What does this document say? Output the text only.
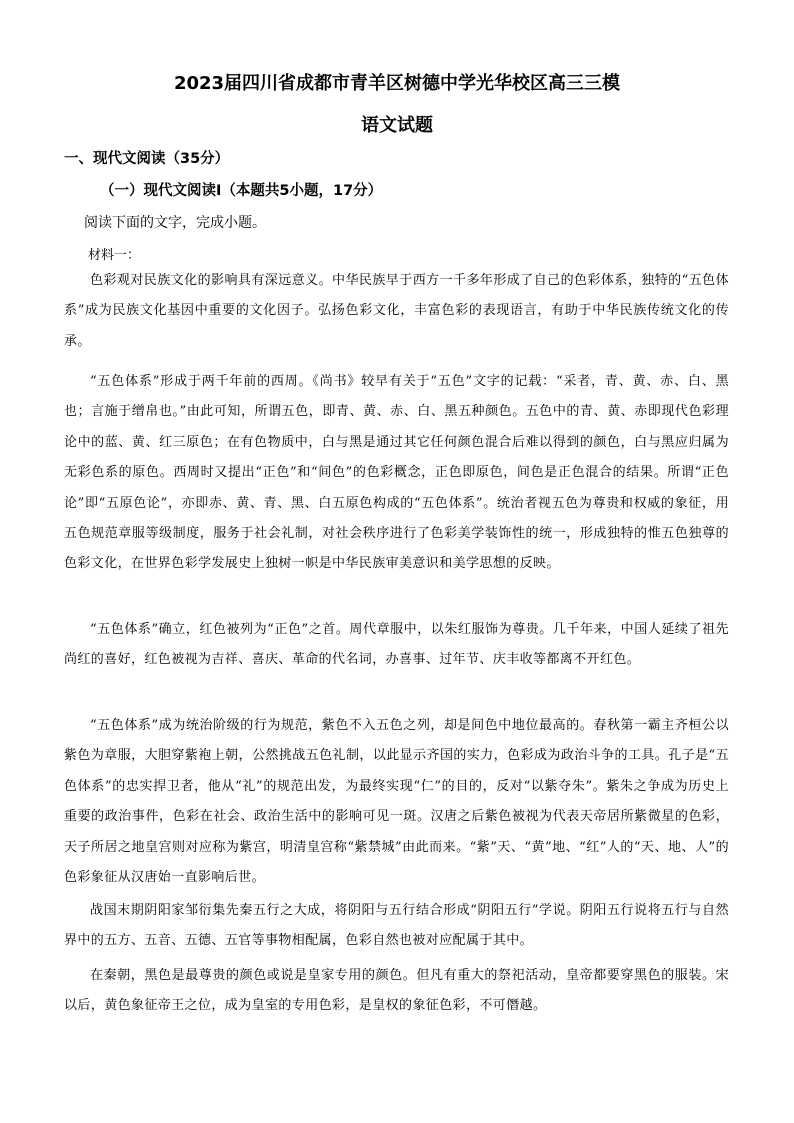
2023届四川省成都市青羊区树德中学光华校区高三三模
语文试题
一、现代文阅读（35分）
（一）现代文阅读Ⅰ（本题共5小题，17分）
阅读下面的文字，完成小题。
材料一：

色彩观对民族文化的影响具有深远意义。中华民族早于西方一千多年形成了自己的色彩体系，独特的“五色体系”成为民族文化基因中重要的文化因子。弘扬色彩文化，丰富色彩的表现语言，有助于中华民族传统文化的传承。

“五色体系”形成于两千年前的西周。《尚书》较早有关于“五色”文字的记载：“采者，青、黄、赤、白、黑也；言施于缯帛也。”由此可知，所谓五色，即青、黄、赤、白、黑五种颜色。五色中的青、黄、赤即现代色彩理论中的蓝、黄、红三原色；在有色物质中，白与黑是通过其它任何颜色混合后难以得到的颜色，白与黑应归属为无彩色系的原色。西周时又提出“正色”和“间色”的色彩概念，正色即原色，间色是正色混合的结果。所谓“正色论”即“五原色论”，亦即赤、黄、青、黑、白五原色构成的“五色体系”。统治者视五色为尊贵和权威的象征，用五色规范章服等级制度，服务于社会礼制，对社会秩序进行了色彩美学装饰性的统一，形成独特的惟五色独尊的色彩文化，在世界色彩学发展史上独树一帜是中华民族审美意识和美学思想的反映。

“五色体系”确立，红色被列为“正色”之首。周代章服中，以朱红服饰为尊贵。几千年来，中国人延续了祖先尚红的喜好，红色被视为吉祥、喜庆、革命的代名词，办喜事、过年节、庆丰收等都离不开红色。

“五色体系”成为统治阶级的行为规范，紫色不入五色之列，却是间色中地位最高的。春秋第一霸主齐桓公以紫色为章服，大胆穿紫袍上朝，公然挑战五色礼制，以此显示齐国的实力，色彩成为政治斗争的工具。孔子是“五色体系”的忠实捍卫者，他从“礼”的规范出发，为最终实现“仁”的目的，反对“以紫夺朱”。紫朱之争成为历史上重要的政治事件，色彩在社会、政治生活中的影响可见一斑。汉唐之后紫色被视为代表天帝居所紫微星的色彩，天子所居之地皇宫则对应称为紫宫，明清皇宫称“紫禁城”由此而来。“紫”天、“黄”地、“红”人的“天、地、人”的色彩象征从汉唐始一直影响后世。

战国末期阴阳家邹衍集先秦五行之大成，将阴阳与五行结合形成“阴阳五行”学说。阴阳五行说将五行与自然界中的五方、五音、五德、五官等事物相配属，色彩自然也被对应配属于其中。

在秦朝，黑色是最尊贵的颜色或说是皇家专用的颜色。但凡有重大的祭祀活动，皇帝都要穿黑色的服装。宋以后，黄色象征帝王之位，成为皇室的专用色彩，是皇权的象征色彩，不可僭越。
